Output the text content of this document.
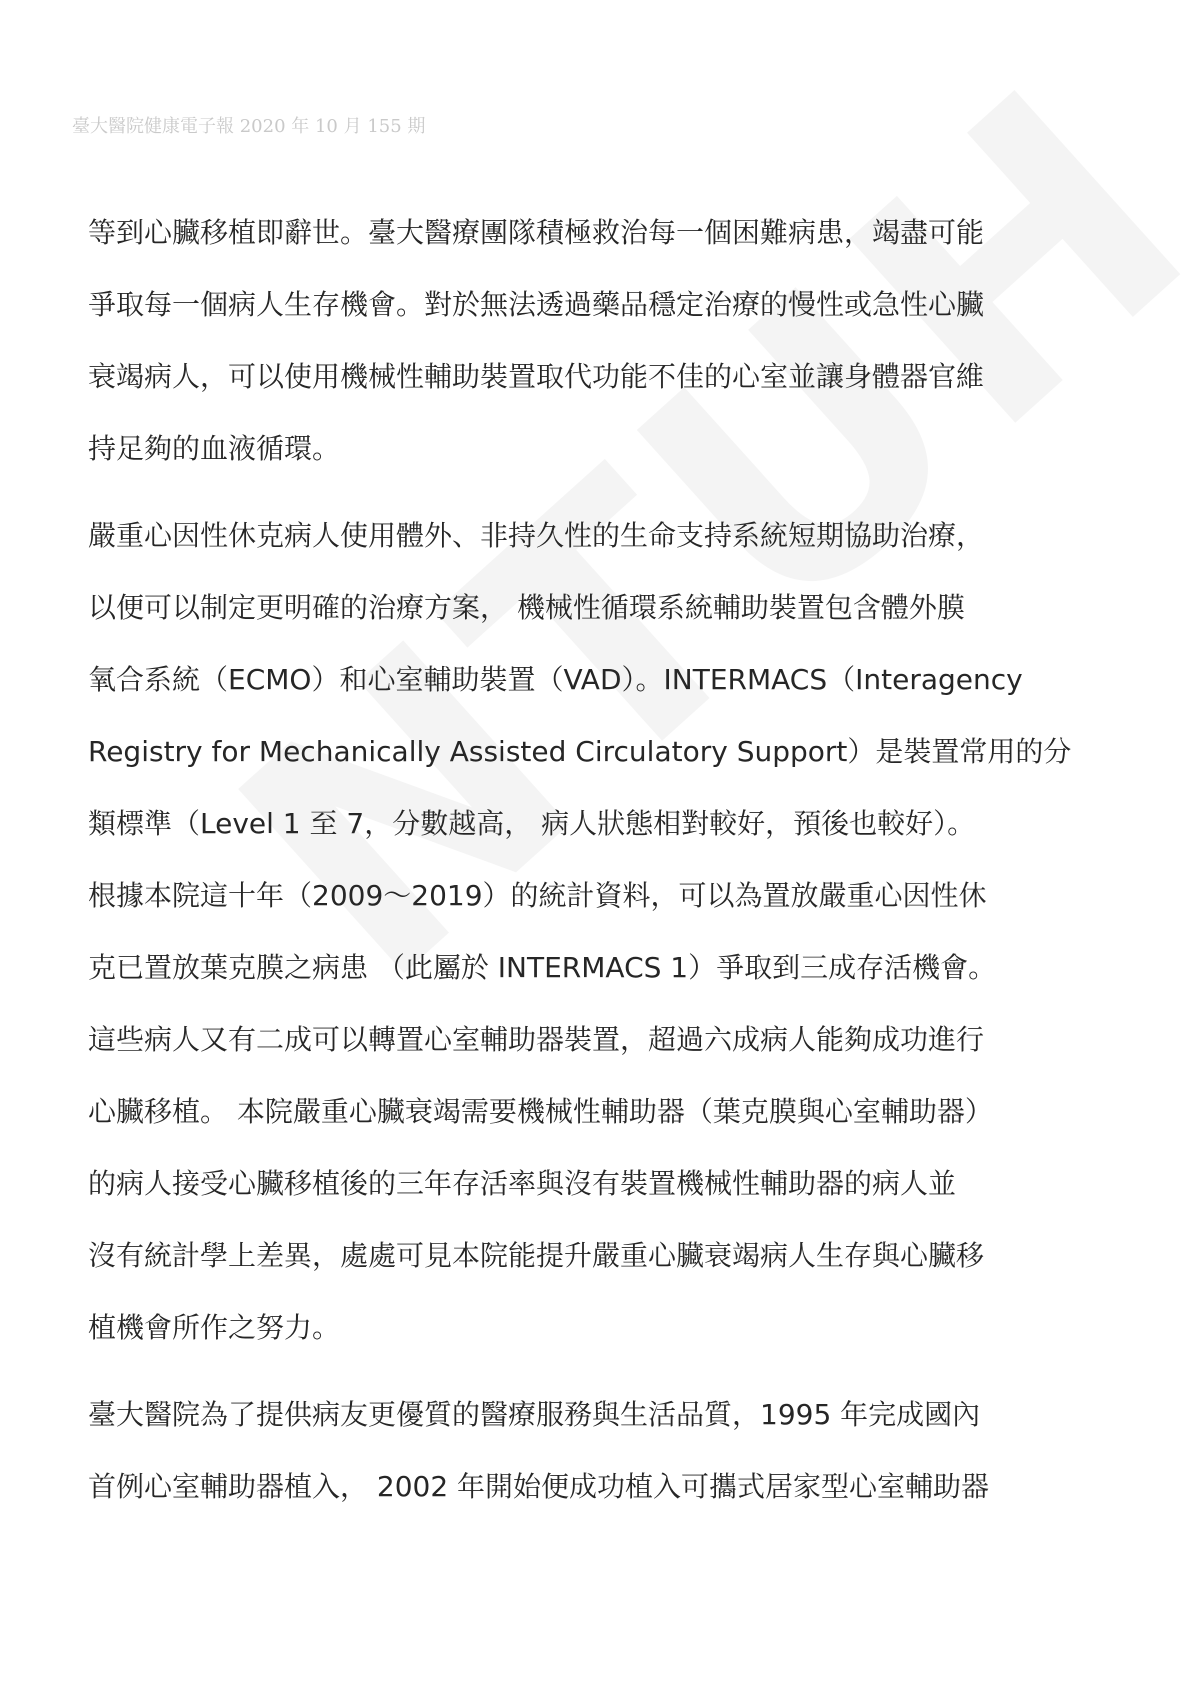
臺大醫院健康電子報 2020 年 10 月 155 期
等到心臟移植即辭世。臺大醫療團隊積極救治每一個困難病患，竭盡可能
爭取每一個病人生存機會。對於無法透過藥品穩定治療的慢性或急性心臟
衰竭病人，可以使用機械性輔助裝置取代功能不佳的心室並讓身體器官維
持足夠的血液循環。
嚴重心因性休克病人使用體外、非持久性的生命支持系統短期協助治療，
以便可以制定更明確的治療方案， 機械性循環系統輔助裝置包含體外膜
氧合系統（ECMO）和心室輔助裝置（VAD）。INTERMACS（Interagency
Registry for Mechanically Assisted Circulatory Support）是裝置常用的分
類標準（Level 1 至 7，分數越高， 病人狀態相對較好，預後也較好）。
根據本院這十年（2009～2019）的統計資料，可以為置放嚴重心因性休
克已置放葉克膜之病患 （此屬於 INTERMACS 1）爭取到三成存活機會。
這些病人又有二成可以轉置心室輔助器裝置，超過六成病人能夠成功進行
心臟移植。 本院嚴重心臟衰竭需要機械性輔助器（葉克膜與心室輔助器）
的病人接受心臟移植後的三年存活率與沒有裝置機械性輔助器的病人並
沒有統計學上差異，處處可見本院能提升嚴重心臟衰竭病人生存與心臟移
植機會所作之努力。
臺大醫院為了提供病友更優質的醫療服務與生活品質，1995 年完成國內
首例心室輔助器植入， 2002 年開始便成功植入可攜式居家型心室輔助器
